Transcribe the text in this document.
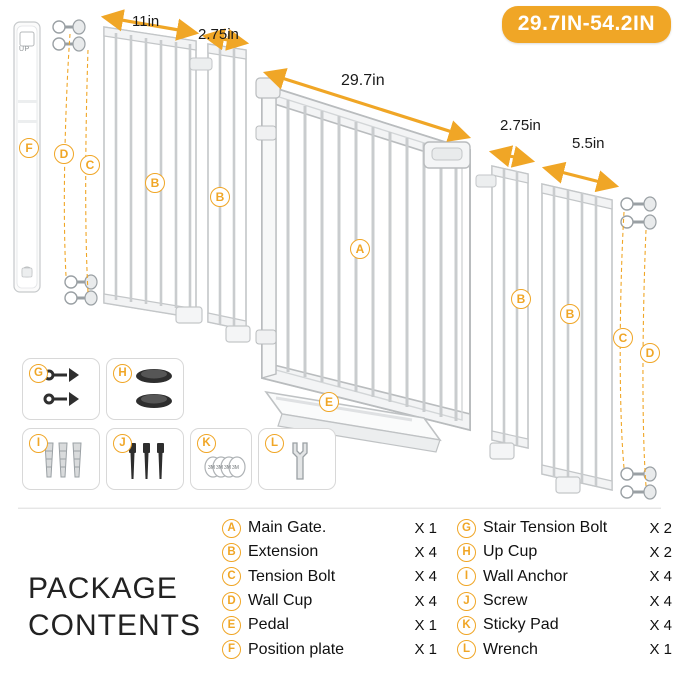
G	H
I	J	K
3M 3M 3M 3M
L
29.7IN-54.2IN
11in
2.75in
29.7in
2.75in
5.5in
F	D
C
B
B
A
B
B
C
D
E
UP
PACKAGE
CONTENTS
A Main Gate.	X 1
B Extension	X 4
C Tension Bolt	X 4
D Wall Cup	X 4
E Pedal	X 1
F Position plate	X 1
G Stair Tension Bolt	X 2
H Up Cup	X 2
I Wall Anchor	X 4
J Screw	X 4
K Sticky Pad	X 4
L Wrench	X 1
